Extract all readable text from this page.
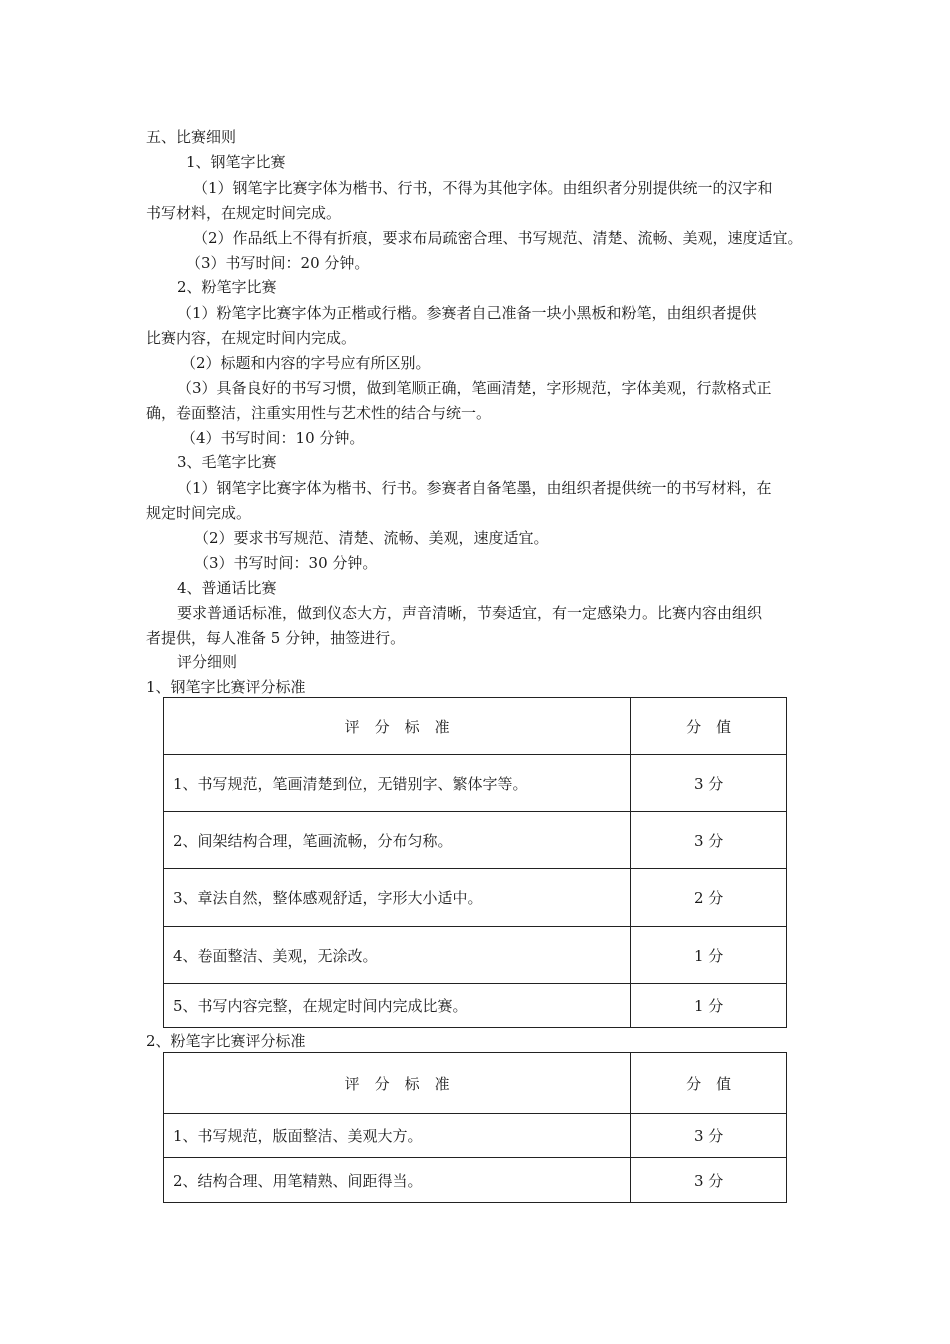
五、比赛细则
1、钢笔字比赛
（1）钢笔字比赛字体为楷书、行书，不得为其他字体。由组织者分别提供统一的汉字和
书写材料，在规定时间完成。
（2）作品纸上不得有折痕，要求布局疏密合理、书写规范、清楚、流畅、美观，速度适宜。
（3）书写时间：20 分钟。
2、粉笔字比赛
（1）粉笔字比赛字体为正楷或行楷。参赛者自己准备一块小黑板和粉笔，由组织者提供
比赛内容，在规定时间内完成。
（2）标题和内容的字号应有所区别。
（3）具备良好的书写习惯，做到笔顺正确，笔画清楚，字形规范，字体美观，行款格式正
确，卷面整洁，注重实用性与艺术性的结合与统一。
（4）书写时间：10 分钟。
3、毛笔字比赛
（1）钢笔字比赛字体为楷书、行书。参赛者自备笔墨，由组织者提供统一的书写材料，在
规定时间完成。
（2）要求书写规范、清楚、流畅、美观，速度适宜。
（3）书写时间：30 分钟。
4、普通话比赛
要求普通话标准，做到仪态大方，声音清晰，节奏适宜，有一定感染力。比赛内容由组织
者提供，每人准备 5 分钟，抽签进行。
评分细则
1、钢笔字比赛评分标准
评　分　标　准	分　值
1、书写规范，笔画清楚到位，无错别字、繁体字等。	3 分
2、间架结构合理，笔画流畅，分布匀称。	3 分
3、章法自然，整体感观舒适，字形大小适中。	2 分
4、卷面整洁、美观，无涂改。	1 分
5、书写内容完整，在规定时间内完成比赛。	1 分
2、粉笔字比赛评分标准
评　分　标　准	分　值
1、书写规范，版面整洁、美观大方。	3 分
2、结构合理、用笔精熟、间距得当。	3 分
